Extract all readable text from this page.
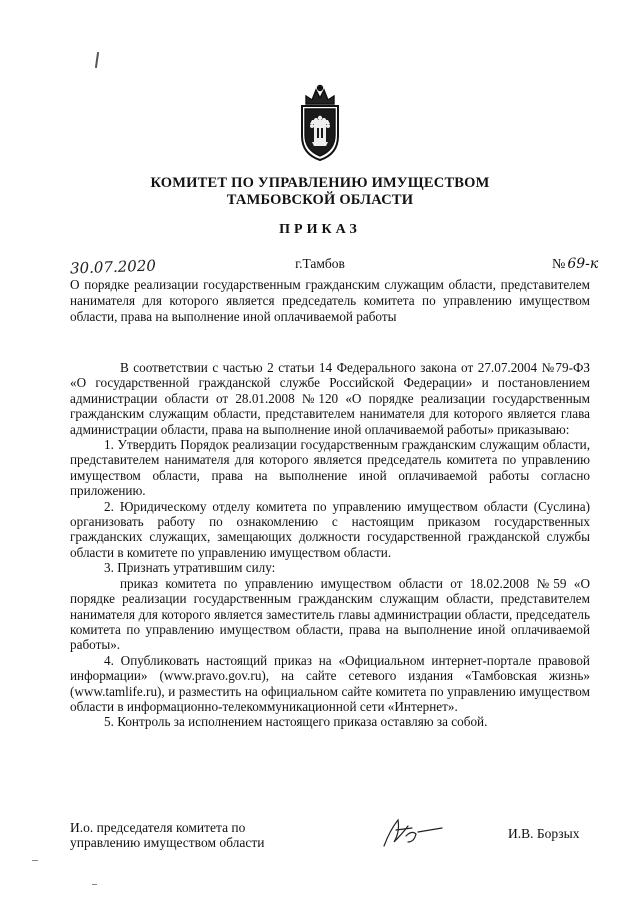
КОМИТЕТ ПО УПРАВЛЕНИЮ ИМУЩЕСТВОМ
ТАМБОВСКОЙ ОБЛАСТИ
ПРИКАЗ
30.07.2020	г.Тамбов	№ 69-к
О порядке реализации государственным гражданским служащим области, представителем нанимателя для которого является председатель комитета по управлению имуществом области, права на выполнение иной оплачиваемой работы

В соответствии с частью 2 статьи 14 Федерального закона от 27.07.2004 №79-ФЗ «О государственной гражданской службе Российской Федерации» и постановлением администрации области от 28.01.2008 №120 «О порядке реализации государственным гражданским служащим области, представителем нанимателя для которого является глава администрации области, права на выполнение иной оплачиваемой работы» приказываю:

1. Утвердить Порядок реализации государственным гражданским служащим области, представителем нанимателя для которого является председатель комитета по управлению имуществом области, права на выполнение иной оплачиваемой работы согласно приложению.

2. Юридическому отделу комитета по управлению имуществом области (Суслина) организовать работу по ознакомлению с настоящим приказом государственных гражданских служащих, замещающих должности государственной гражданской службы области в комитете по управлению имуществом области.

3. Признать утратившим силу:

приказ комитета по управлению имуществом области от 18.02.2008 №59 «О порядке реализации государственным гражданским служащим области, представителем нанимателя для которого является заместитель главы администрации области, председатель комитета по управлению имуществом области, права на выполнение иной оплачиваемой работы».

4. Опубликовать настоящий приказ на «Официальном интернет-портале правовой информации» (www.pravo.gov.ru), на сайте сетевого издания «Тамбовская жизнь» (www.tamlife.ru), и разместить на официальном сайте комитета по управлению имуществом области в информационно-телекоммуникационной сети «Интернет».

5. Контроль за исполнением настоящего приказа оставляю за собой.

И.о. председателя комитета по
управлению имуществом области
И.В. Борзых
